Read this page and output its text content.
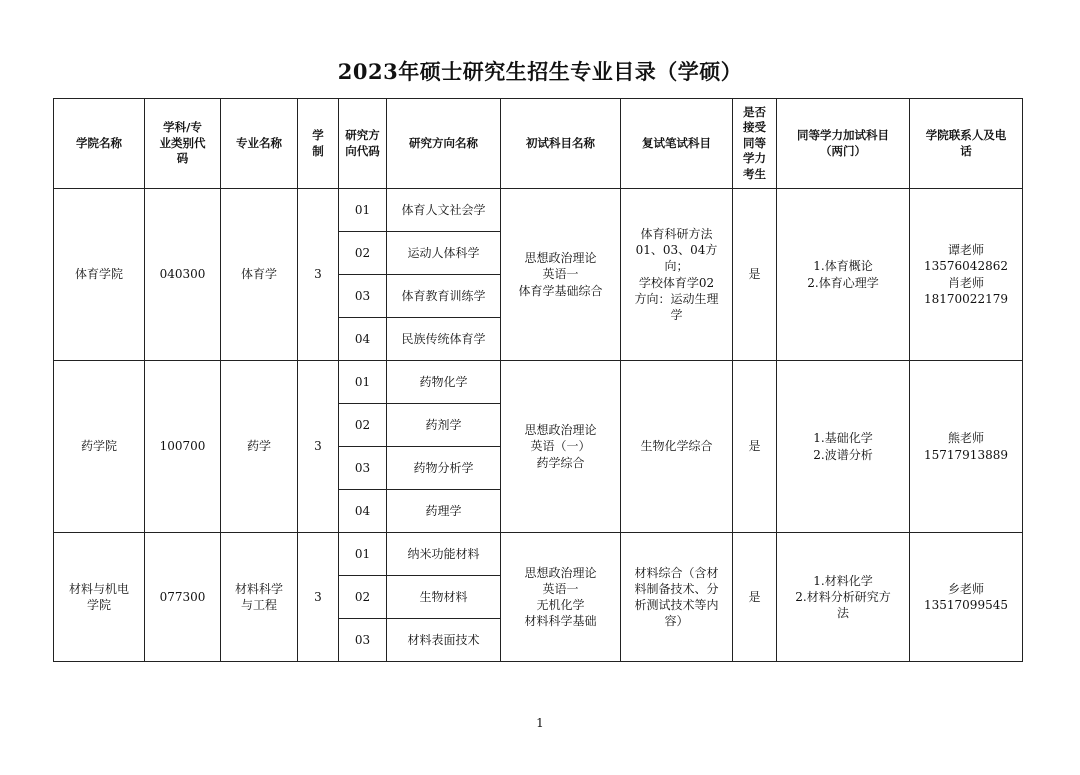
2023年硕士研究生招生专业目录（学硕）
学院名称	学科/专
业类别代
码	专业名称	学
制	研究方
向代码	研究方向名称	初试科目名称	复试笔试科目	是否
接受
同等
学力
考生	同等学力加试科目
（两门）	学院联系人及电
话
体育学院	040300	体育学	3	01	体育人文社会学	思想政治理论
英语一
体育学基础综合	体育科研方法
01、03、04方向；
学校体育学02
方向：运动生理
学	是	1.体育概论
2.体育心理学	谭老师
13576042862
肖老师
18170022179
				02	运动人体科学					
				03	体育教育训练学					
				04	民族传统体育学					
药学院	100700	药学	3	01	药物化学	思想政治理论
英语（一）
药学综合	生物化学综合	是	1.基础化学
2.波谱分析	熊老师
15717913889
				02	药剂学					
				03	药物分析学					
				04	药理学					
材料与机电
学院	077300	材料科学
与工程	3	01	纳米功能材料	思想政治理论
英语一
无机化学
材料科学基础	材料综合（含材
料制备技术、分
析测试技术等内
容）	是	1.材料化学
2.材料分析研究方
法	乡老师
13517099545
				02	生物材料					
				03	材料表面技术					
1
